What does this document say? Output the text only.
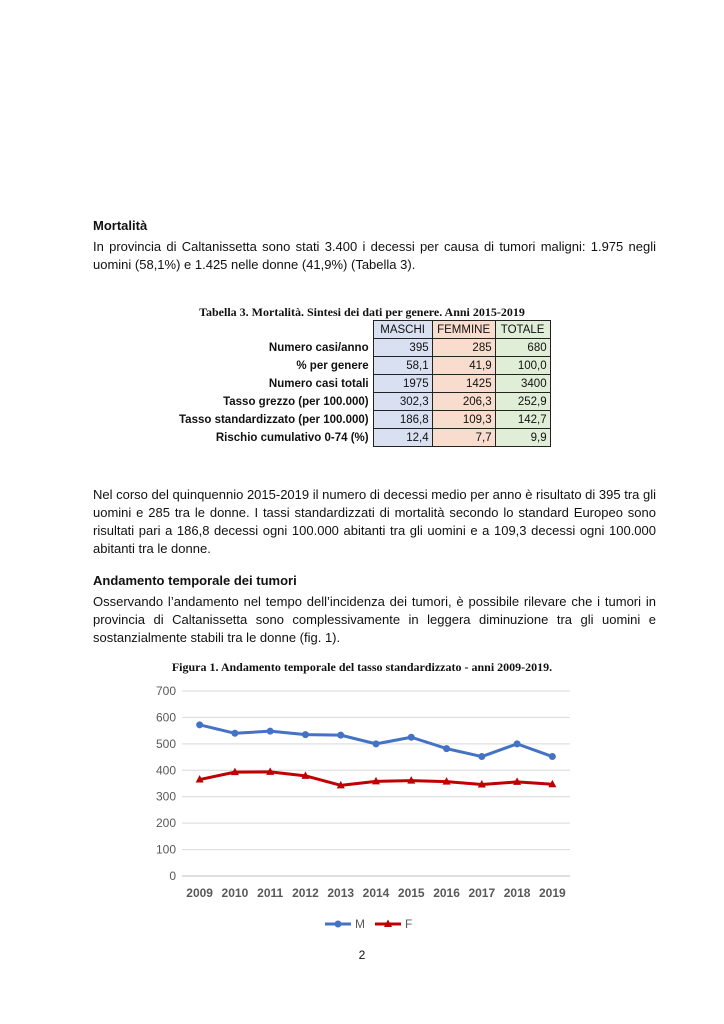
Mortalità

In provincia di Caltanissetta sono stati 3.400 i decessi per causa di tumori maligni: 1.975 negli uomini (58,1%) e 1.425 nelle donne (41,9%) (Tabella 3).

Tabella 3. Mortalità. Sintesi dei dati per genere. Anni 2015-2019
	MASCHI	FEMMINE	TOTALE
Numero casi/anno	395	285	680
% per genere	58,1	41,9	100,0
Numero casi totali	1975	1425	3400
Tasso grezzo (per 100.000)	302,3	206,3	252,9
Tasso standardizzato (per 100.000)	186,8	109,3	142,7
Rischio cumulativo 0-74 (%)	12,4	7,7	9,9

Nel corso del quinquennio 2015-2019 il numero di decessi medio per anno è risultato di 395 tra gli uomini e 285 tra le donne. I tassi standardizzati di mortalità secondo lo standard Europeo sono risultati pari a 186,8 decessi ogni 100.000 abitanti tra gli uomini e a 109,3 decessi ogni 100.000 abitanti tra le donne.

Andamento temporale dei tumori

Osservando l’andamento nel tempo dell’incidenza dei tumori, è possibile rilevare che i tumori in provincia di Caltanissetta sono complessivamente in leggera diminuzione tra gli uomini e sostanzialmente stabili tra le donne (fig. 1).

Figura 1. Andamento temporale del tasso standardizzato - anni 2009-2019.
0
100
200
300
400
500
600
700
2009 2010 2011 2012 2013 2014 2015 2016 2017 2018 2019
M	F
2
